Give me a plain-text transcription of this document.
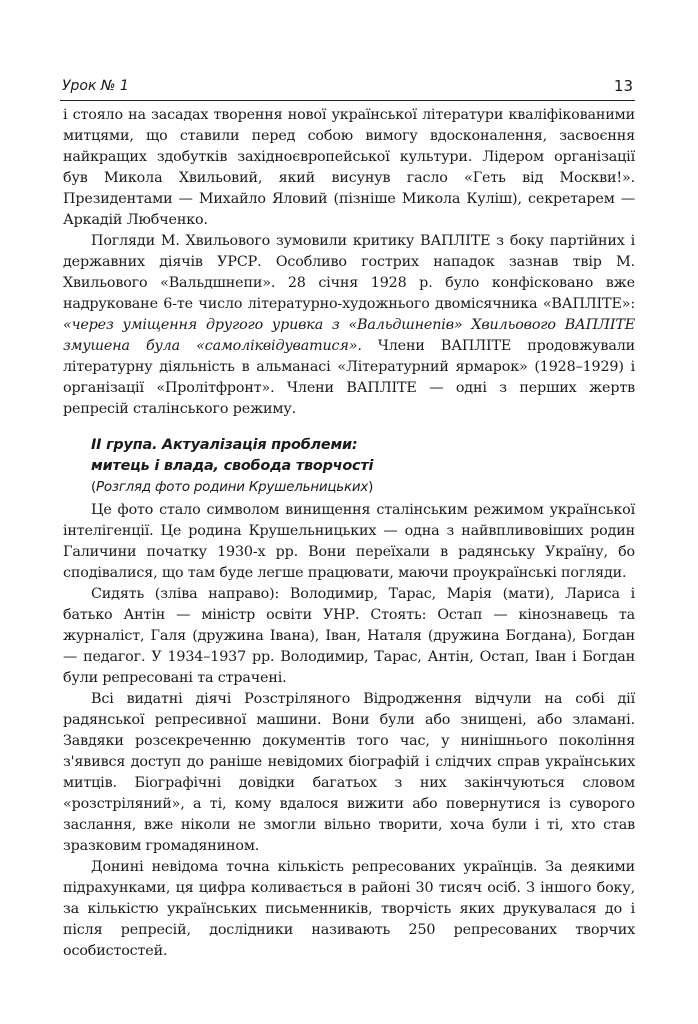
Урок № 1	13

і стояло на засадах творення нової української літератури кваліфікованими митцями, що ставили перед собою вимогу вдосконалення, засвоєння найкращих здобутків західноєвропейської культури. Лідером організації був Микола Хвильовий, який висунув гасло «Геть від Москви!». Президентами — Михайло Яловий (пізніше Микола Куліш), секретарем — Аркадій Любченко.

Погляди М. Хвильового зумовили критику ВАПЛІТЕ з боку партійних і державних діячів УРСР. Особливо гострих нападок зазнав твір М. Хвильового «Вальдшнепи». 28 січня 1928 р. було конфісковано вже надруковане 6-те число літературно-художнього двомісячника «ВАПЛІТЕ»: «через уміщення другого уривка з «Вальдшнепів» Хвильового ВАПЛІТЕ змушена була «самоліквідуватися». Члени ВАПЛІТЕ продовжували літературну діяльність в альманасі «Літературний ярмарок» (1928–1929) і організації «Пролітфронт». Члени ВАПЛІТЕ — одні з перших жертв репресій сталінського режиму.

ІІ група. Актуалізація проблеми:
митець і влада, свобода творчості
(Розгляд фото родини Крушельницьких)

Це фото стало символом винищення сталінським режимом української інтелігенції. Це родина Крушельницьких — одна з найвпливовіших родин Галичини початку 1930-х рр. Вони переїхали в радянську Україну, бо сподівалися, що там буде легше працювати, маючи проукраїнські погляди.

Сидять (зліва направо): Володимир, Тарас, Марія (мати), Лариса і батько Антін — міністр освіти УНР. Стоять: Остап — кінознавець та журналіст, Галя (дружина Івана), Іван, Наталя (дружина Богдана), Богдан — педагог. У 1934–1937 рр. Володимир, Тарас, Антін, Остап, Іван і Богдан були репресовані та страчені.

Всі видатні діячі Розстріляного Відродження відчули на собі дії радянської репресивної машини. Вони були або знищені, або зламані. Завдяки розсекреченню документів того час, у нинішнього покоління з'явився доступ до раніше невідомих біографій і слідчих справ українських митців. Біографічні довідки багатьох з них закінчуються словом «розстріляний», а ті, кому вдалося вижити або повернутися із суворого заслання, вже ніколи не змогли вільно творити, хоча були і ті, хто став зразковим громадянином.

Донині невідома точна кількість репресованих українців. За деякими підрахунками, ця цифра коливається в районі 30 тисяч осіб. З іншого боку, за кількістю українських письменників, творчість яких друкувалася до і після репресій, дослідники називають 250 репресованих творчих особистостей.
